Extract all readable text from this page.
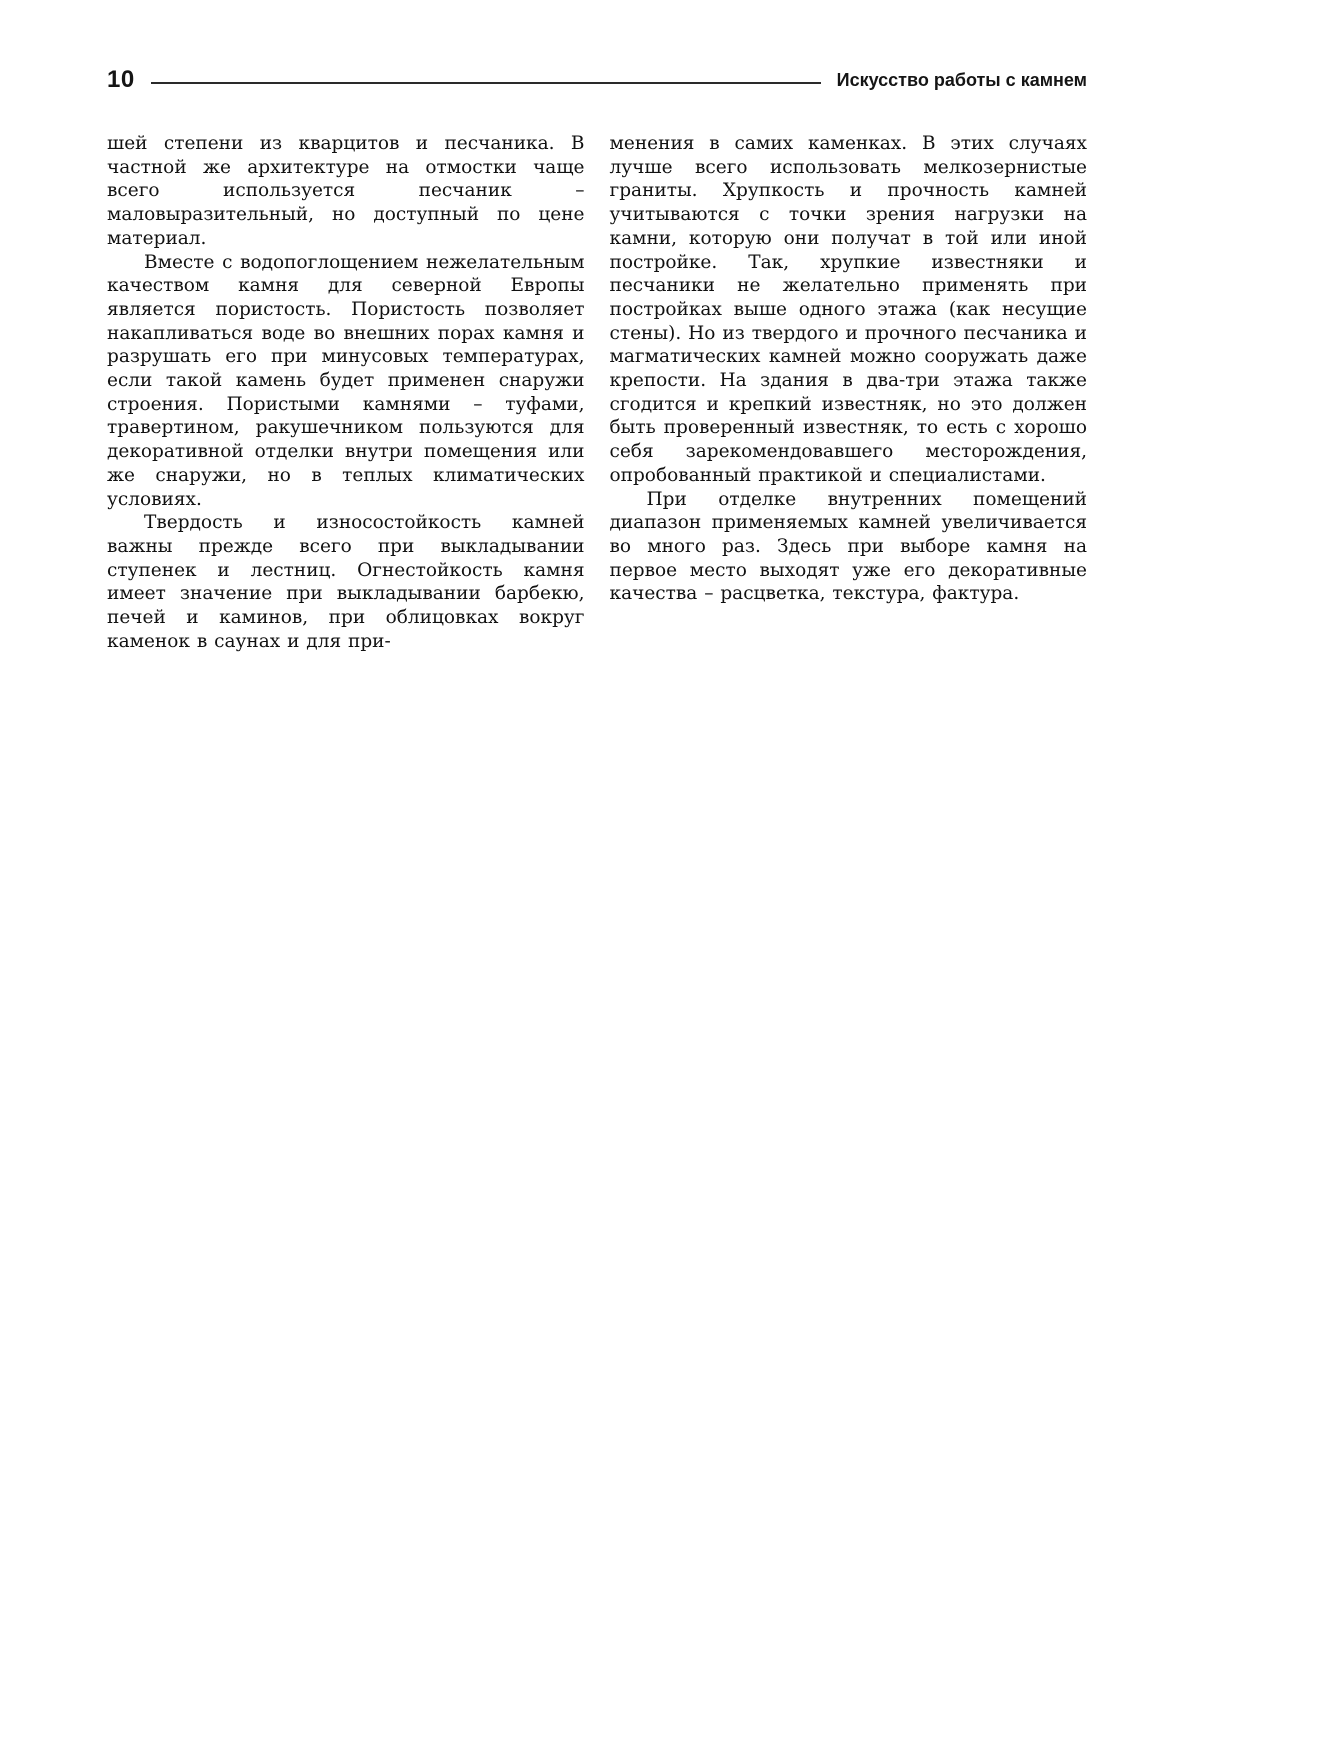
10	Искусство работы с камнем

шей степени из кварцитов и песчаника. В частной же архитектуре на отмостки чаще всего используется песчаник – маловыразительный, но доступный по цене материал.

Вместе с водопоглощением нежелательным качеством камня для северной Европы является пористость. Пористость позволяет накапливаться воде во внешних порах камня и разрушать его при минусовых температурах, если такой камень будет применен снаружи строения. Пористыми камнями – туфами, травертином, ракушечником пользуются для декоративной отделки внутри помещения или же снаружи, но в теплых климатических условиях.

Твердость и износостойкость камней важны прежде всего при выкладывании ступенек и лестниц. Огнестойкость камня имеет значение при выкладывании барбекю, печей и каминов, при облицовках вокруг каменок в саунах и для при-

менения в самих каменках. В этих случаях лучше всего использовать мелкозернистые граниты. Хрупкость и прочность камней учитываются с точки зрения нагрузки на камни, которую они получат в той или иной постройке. Так, хрупкие известняки и песчаники не желательно применять при постройках выше одного этажа (как несущие стены). Но из твердого и прочного песчаника и магматических камней можно сооружать даже крепости. На здания в два-три этажа также сгодится и крепкий известняк, но это должен быть проверенный известняк, то есть с хорошо себя зарекомендовавшего месторождения, опробованный практикой и специалистами.

При отделке внутренних помещений диапазон применяемых камней увеличивается во много раз. Здесь при выборе камня на первое место выходят уже его декоративные качества – расцветка, текстура, фактура.
